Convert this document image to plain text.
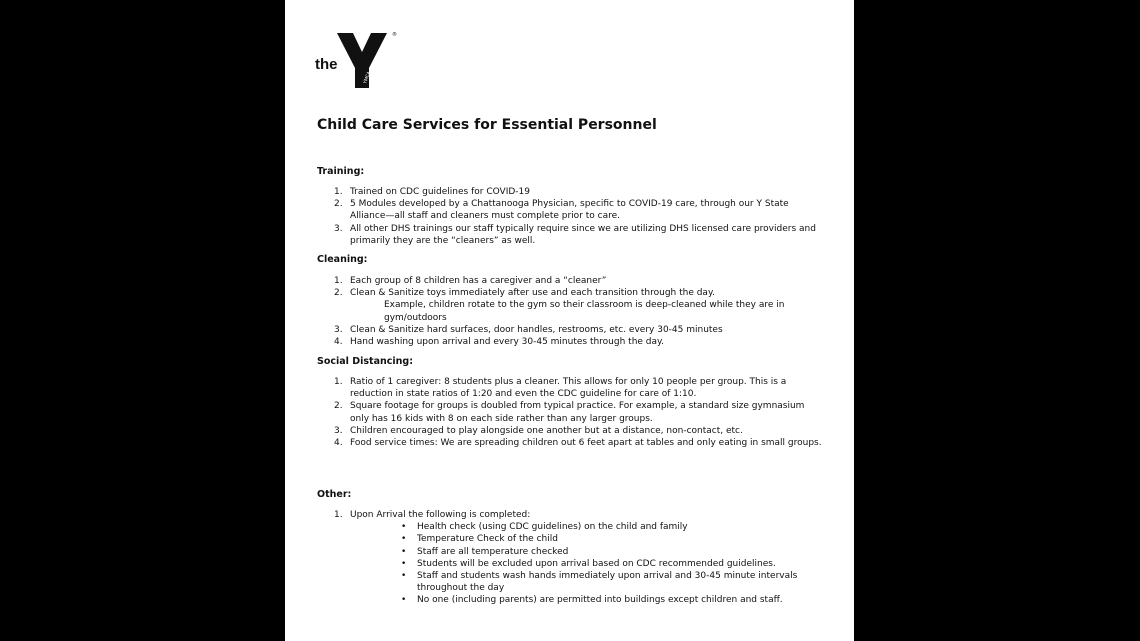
the
®
YMCA
Child Care Services for Essential Personnel
Training:
1. Trained on CDC guidelines for COVID-19
2. 5 Modules developed by a Chattanooga Physician, specific to COVID-19 care, through our Y State Alliance—all staff and cleaners must complete prior to care.
3. All other DHS trainings our staff typically require since we are utilizing DHS licensed care providers and primarily they are the “cleaners” as well.
Cleaning:
1. Each group of 8 children has a caregiver and a “cleaner”
2. Clean & Sanitize toys immediately after use and each transition through the day.
Example, children rotate to the gym so their classroom is deep-cleaned while they are in gym/outdoors
3. Clean & Sanitize hard surfaces, door handles, restrooms, etc. every 30-45 minutes
4. Hand washing upon arrival and every 30-45 minutes through the day.
Social Distancing:
1. Ratio of 1 caregiver: 8 students plus a cleaner. This allows for only 10 people per group. This is a reduction in state ratios of 1:20 and even the CDC guideline for care of 1:10.
2. Square footage for groups is doubled from typical practice. For example, a standard size gymnasium only has 16 kids with 8 on each side rather than any larger groups.
3. Children encouraged to play alongside one another but at a distance, non-contact, etc.
4. Food service times: We are spreading children out 6 feet apart at tables and only eating in small groups.
Other:
1. Upon Arrival the following is completed:
• Health check (using CDC guidelines) on the child and family
• Temperature Check of the child
• Staff are all temperature checked
• Students will be excluded upon arrival based on CDC recommended guidelines.
• Staff and students wash hands immediately upon arrival and 30-45 minute intervals throughout the day
• No one (including parents) are permitted into buildings except children and staff.
